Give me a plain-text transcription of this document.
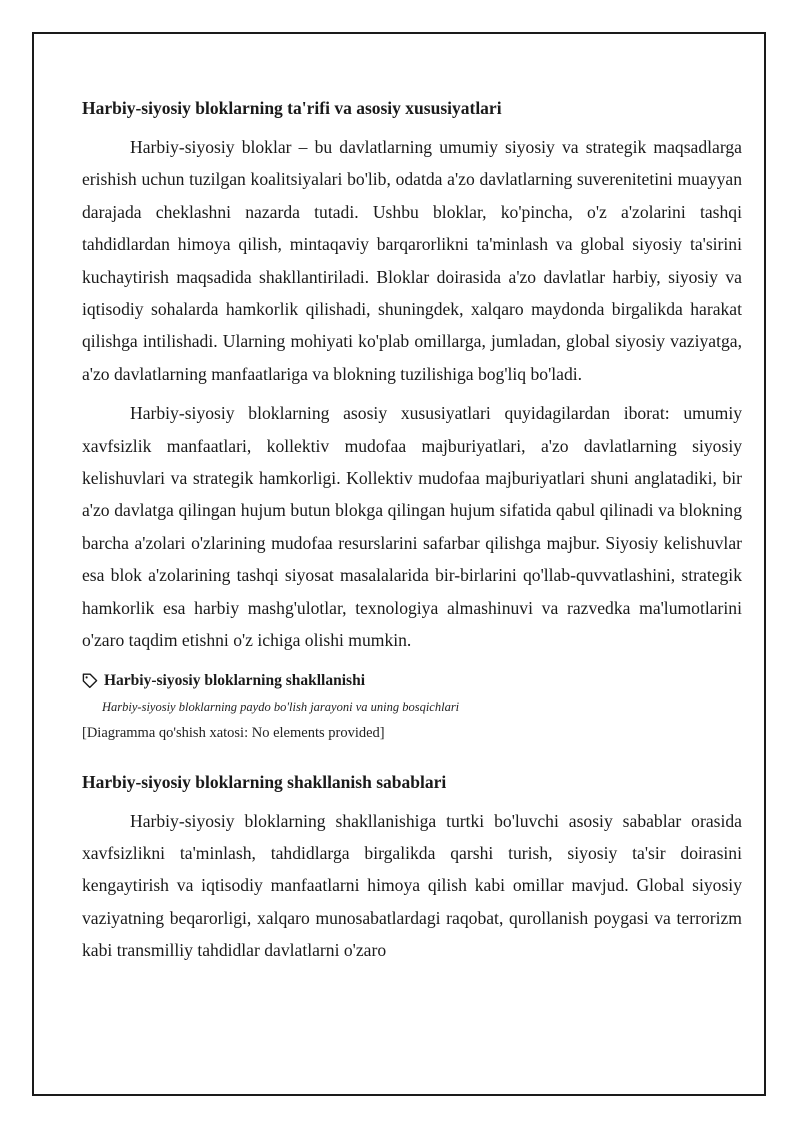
Harbiy-siyosiy bloklarning ta'rifi va asosiy xususiyatlari

Harbiy-siyosiy bloklar – bu davlatlarning umumiy siyosiy va strategik maqsadlarga erishish uchun tuzilgan koalitsiyalari bo'lib, odatda a'zo davlatlarning suverenitetini muayyan darajada cheklashni nazarda tutadi. Ushbu bloklar, ko'pincha, o'z a'zolarini tashqi tahdidlardan himoya qilish, mintaqaviy barqarorlikni ta'minlash va global siyosiy ta'sirini kuchaytirish maqsadida shakllantiriladi. Bloklar doirasida a'zo davlatlar harbiy, siyosiy va iqtisodiy sohalarda hamkorlik qilishadi, shuningdek, xalqaro maydonda birgalikda harakat qilishga intilishadi. Ularning mohiyati ko'plab omillarga, jumladan, global siyosiy vaziyatga, a'zo davlatlarning manfaatlariga va blokning tuzilishiga bog'liq bo'ladi.

Harbiy-siyosiy bloklarning asosiy xususiyatlari quyidagilardan iborat: umumiy xavfsizlik manfaatlari, kollektiv mudofaa majburiyatlari, a'zo davlatlarning siyosiy kelishuvlari va strategik hamkorligi. Kollektiv mudofaa majburiyatlari shuni anglatadiki, bir a'zo davlatga qilingan hujum butun blokga qilingan hujum sifatida qabul qilinadi va blokning barcha a'zolari o'zlarining mudofaa resurslarini safarbar qilishga majbur. Siyosiy kelishuvlar esa blok a'zolarining tashqi siyosat masalalarida bir-birlarini qo'llab-quvvatlashini, strategik hamkorlik esa harbiy mashg'ulotlar, texnologiya almashinuvi va razvedka ma'lumotlarini o'zaro taqdim etishni o'z ichiga olishi mumkin.

Harbiy-siyosiy bloklarning shakllanishi
Harbiy-siyosiy bloklarning paydo bo'lish jarayoni va uning bosqichlari
[Diagramma qo'shish xatosi: No elements provided]
Harbiy-siyosiy bloklarning shakllanish sabablari

Harbiy-siyosiy bloklarning shakllanishiga turtki bo'luvchi asosiy sabablar orasida xavfsizlikni ta'minlash, tahdidlarga birgalikda qarshi turish, siyosiy ta'sir doirasini kengaytirish va iqtisodiy manfaatlarni himoya qilish kabi omillar mavjud. Global siyosiy vaziyatning beqarorligi, xalqaro munosabatlardagi raqobat, qurollanish poygasi va terrorizm kabi transmilliy tahdidlar davlatlarni o'zaro
